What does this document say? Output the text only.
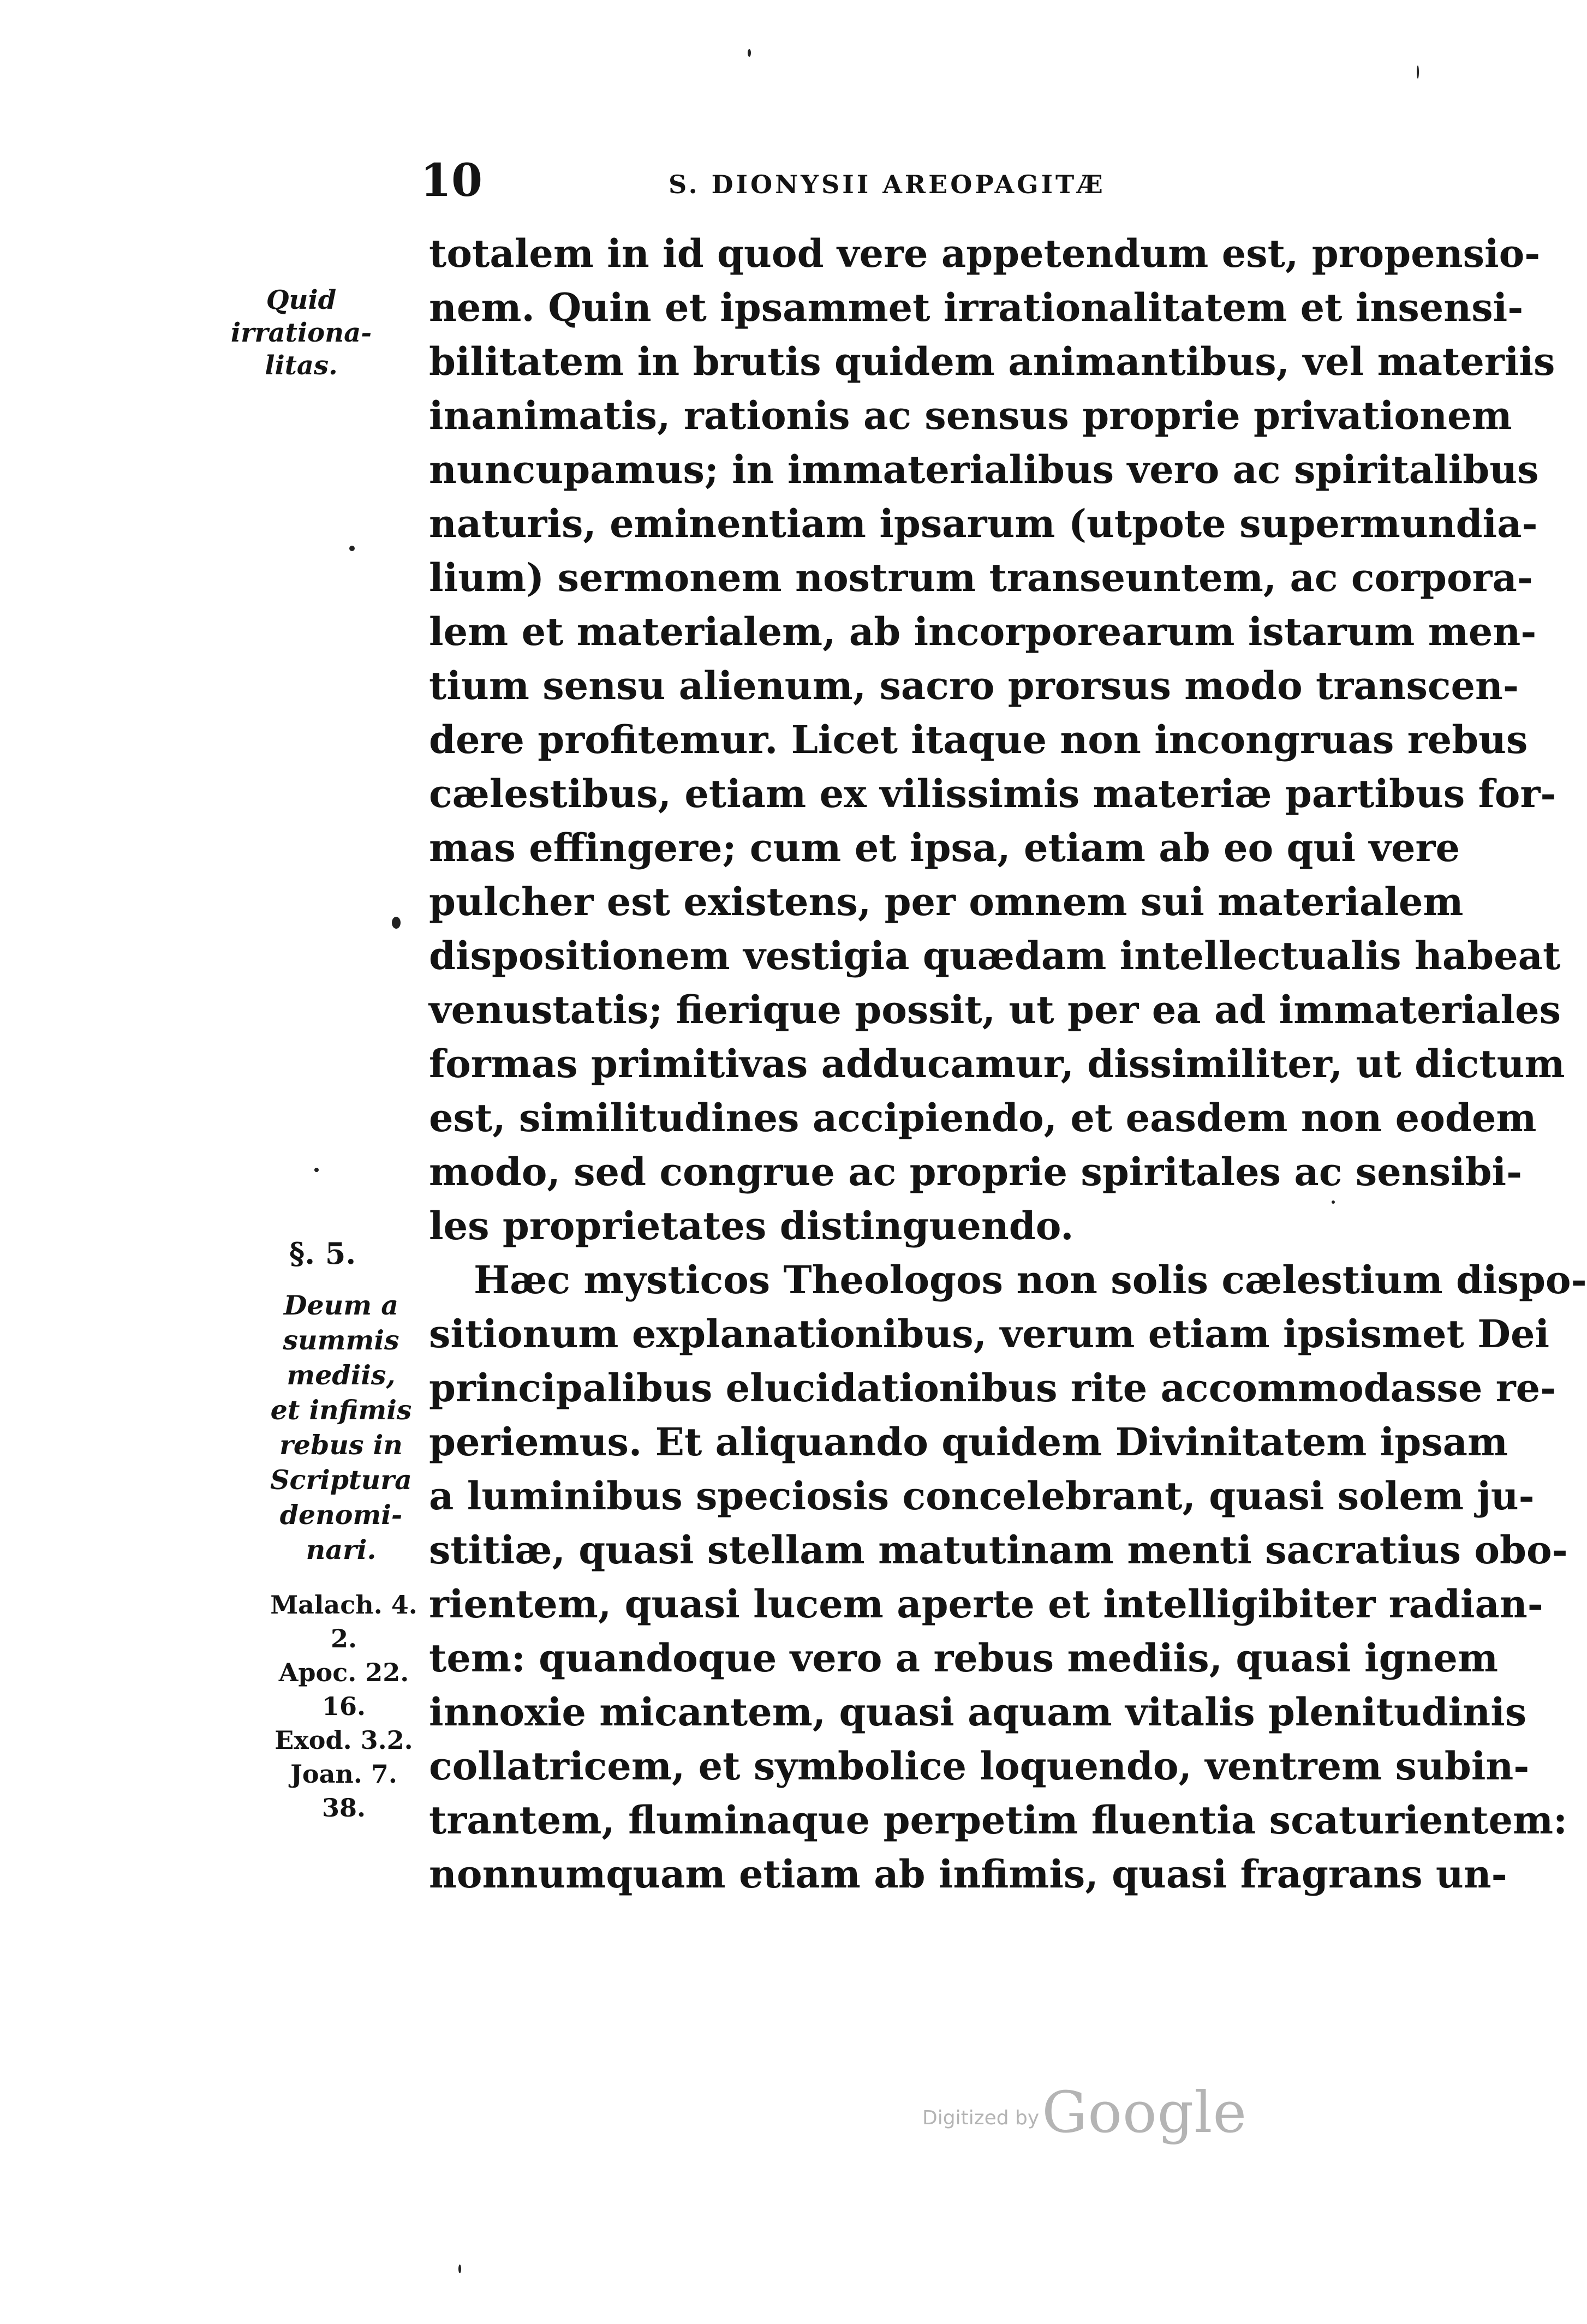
10	S. DIONYSII AREOPAGITÆ
Quid
irrationa-
litas.
totalem in id quod vere appetendum est, propensio-
nem. Quin et ipsammet irrationalitatem et insensi-
bilitatem in brutis quidem animantibus, vel materiis
inanimatis, rationis ac sensus proprie privationem
nuncupamus; in immaterialibus vero ac spiritalibus
naturis, eminentiam ipsarum (utpote supermundia-
lium) sermonem nostrum transeuntem, ac corpora-
lem et materialem, ab incorporearum istarum men-
tium sensu alienum, sacro prorsus modo transcen-
dere profitemur. Licet itaque non incongruas rebus
cælestibus, etiam ex vilissimis materiæ partibus for-
mas effingere; cum et ipsa, etiam ab eo qui vere
pulcher est existens, per omnem sui materialem
dispositionem vestigia quædam intellectualis habeat
venustatis; fierique possit, ut per ea ad immateriales
formas primitivas adducamur, dissimiliter, ut dictum
est, similitudines accipiendo, et easdem non eodem
modo, sed congrue ac proprie spiritales ac sensibi-
les proprietates distinguendo.
Hæc mysticos Theologos non solis cælestium dispo-
sitionum explanationibus, verum etiam ipsismet Dei
principalibus elucidationibus rite accommodasse re-
periemus. Et aliquando quidem Divinitatem ipsam
a luminibus speciosis concelebrant, quasi solem ju-
stitiæ, quasi stellam matutinam menti sacratius obo-
rientem, quasi lucem aperte et intelligibiter radian-
tem: quandoque vero a rebus mediis, quasi ignem
innoxie micantem, quasi aquam vitalis plenitudinis
collatricem, et symbolice loquendo, ventrem subin-
trantem, fluminaque perpetim fluentia scaturientem:
nonnumquam etiam ab infimis, quasi fragrans un-
§. 5.
Deum a
summis
mediis,
et infimis
rebus in
Scriptura
denomi-
nari.
Malach. 4.
2.
Apoc. 22.
16.
Exod. 3.2.
Joan. 7.
38.
Digitized by Google
